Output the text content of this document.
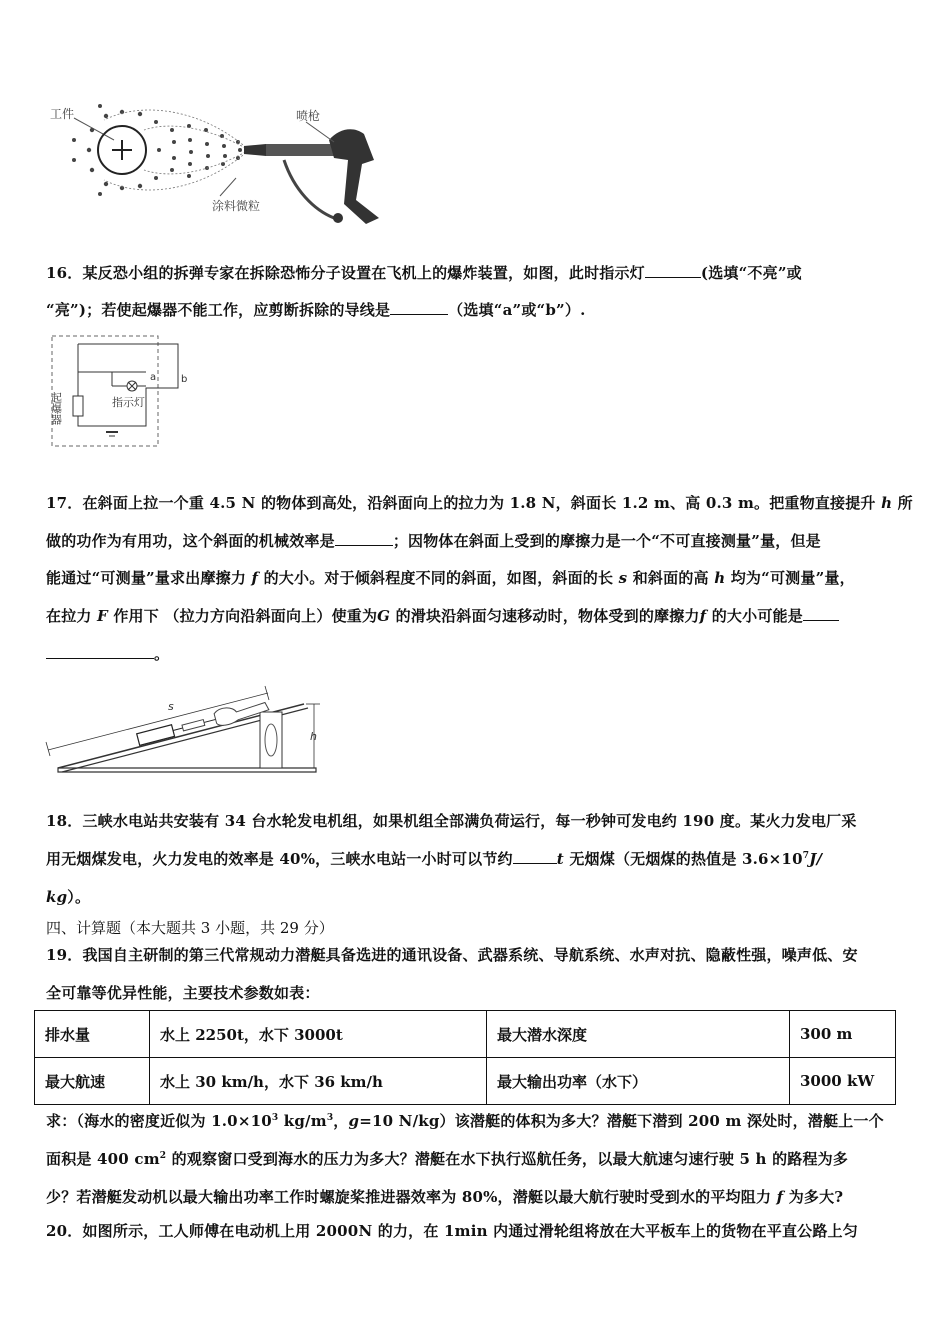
工件	喷枪
涂料微粒
16．某反恐小组的拆弹专家在拆除恐怖分子设置在飞机上的爆炸装置，如图，此时指示灯	(选填“不亮”或
“亮”)；若使起爆器不能工作，应剪断拆除的导线是	（选填“a”或“b”）.
起爆器	指示灯
a b
17．在斜面上拉一个重 4.5 N 的物体到高处，沿斜面向上的拉力为 1.8 N，斜面长 1.2 m、高 0.3 m。把重物直接提升 h 所
做的功作为有用功，这个斜面的机械效率是	；因物体在斜面上受到的摩擦力是一个“不可直接测量”量，但是
能通过“可测量”量求出摩擦力 f 的大小。对于倾斜程度不同的斜面，如图，斜面的长 s 和斜面的高 h 均为“可测量”量，
在拉力 F 作用下 （拉力方向沿斜面向上）使重为G 的滑块沿斜面匀速移动时，物体受到的摩擦力f 的大小可能是
。
s
h
18．三峡水电站共安装有 34 台水轮发电机组，如果机组全部满负荷运行，每一秒钟可发电约 190 度。某火力发电厂采
用无烟煤发电，火力发电的效率是 40%，三峡水电站一小时可以节约	t 无烟煤（无烟煤的热值是 $3.6\times 10^7J/$
kg）。
四、计算题（本大题共 3 小题，共 29 分）
19．我国自主研制的第三代常规动力潜艇具备选进的通讯设备、武器系统、导航系统、水声对抗、隐蔽性强，噪声低、安
全可靠等优异性能，主要技术参数如表：
排水量	水上 2250t，水下 3000t	最大潜水深度	300 m
最大航速	水上 30 km/h，水下 36 km/h	最大输出功率（水下）	3000 kW
求：（海水的密度近似为 $1.0\times 10^3$ $kg/m^3$，g=10 N/kg）该潜艇的体积为多大？潜艇下潜到 200 m 深处时，潜艇上一个
面积是 400 $cm^2$ 的观察窗口受到海水的压力为多大？潜艇在水下执行巡航任务，以最大航速匀速行驶 5 h 的路程为多
少？若潜艇发动机以最大输出功率工作时螺旋桨推进器效率为 80%，潜艇以最大航行驶时受到水的平均阻力 f 为多大?
20．如图所示，工人师傅在电动机上用 2000N 的力，在 1min 内通过滑轮组将放在大平板车上的货物在平直公路上匀
